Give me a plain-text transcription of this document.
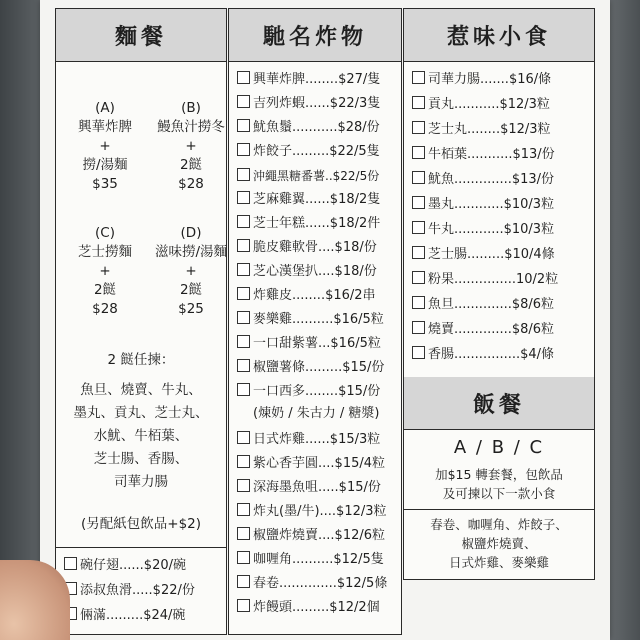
麵餐
(A)
興華炸脾
+
撈/湯麵
$35
(B)
鰻魚汁撈冬
+
2餸
$28
(C)
芝士撈麵
+
2餸
$28
(D)
滋味撈/湯麵
+
2餸
$25
2 餸任揀：
魚旦、燒賣、牛丸、
墨丸、貢丸、芝士丸、
水魷、牛栢葉、
芝士腸、香腸、
司華力腸
(另配紙包飲品+$2)
碗仔翅......$20/碗
添叔魚滑.....$22/份
倆滿.........$24/碗
馳名炸物
興華炸脾........$27/隻
吉列炸蝦......$22/3隻
魷魚鬚...........$28/份
炸餃子.........$22/5隻
沖繩黑糖番薯..$22/5份
芝麻雞翼......$18/2隻
芝士年糕......$18/2件
脆皮雞軟骨....$18/份
芝心漢堡扒....$18/份
炸雞皮........$16/2串
麥樂雞..........$16/5粒
一口甜紫薯...$16/5粒
椒鹽薯條.........$15/份
一口西多........$15/份
(煉奶 / 朱古力 / 糖漿)
日式炸雞......$15/3粒
紫心香芋圓....$15/4粒
深海墨魚咀.....$15/份
炸丸(墨/牛)....$12/3粒
椒鹽炸燒賣....$12/6粒
咖喱角..........$12/5隻
春卷..............$12/5條
炸饅頭.........$12/2個
惹味小食
司華力腸.......$16/條
貢丸...........$12/3粒
芝士丸........$12/3粒
牛栢葉...........$13/份
魷魚..............$13/份
墨丸............$10/3粒
牛丸............$10/3粒
芝士腸.........$10/4條
粉果...............10/2粒
魚旦..............$8/6粒
燒賣..............$8/6粒
香腸................$4/條
飯餐
A / B / C
加$15 轉套餐，包飲品
及可揀以下一款小食
春卷、咖喱角、炸餃子、
椒鹽炸燒賣、
日式炸雞、麥樂雞
